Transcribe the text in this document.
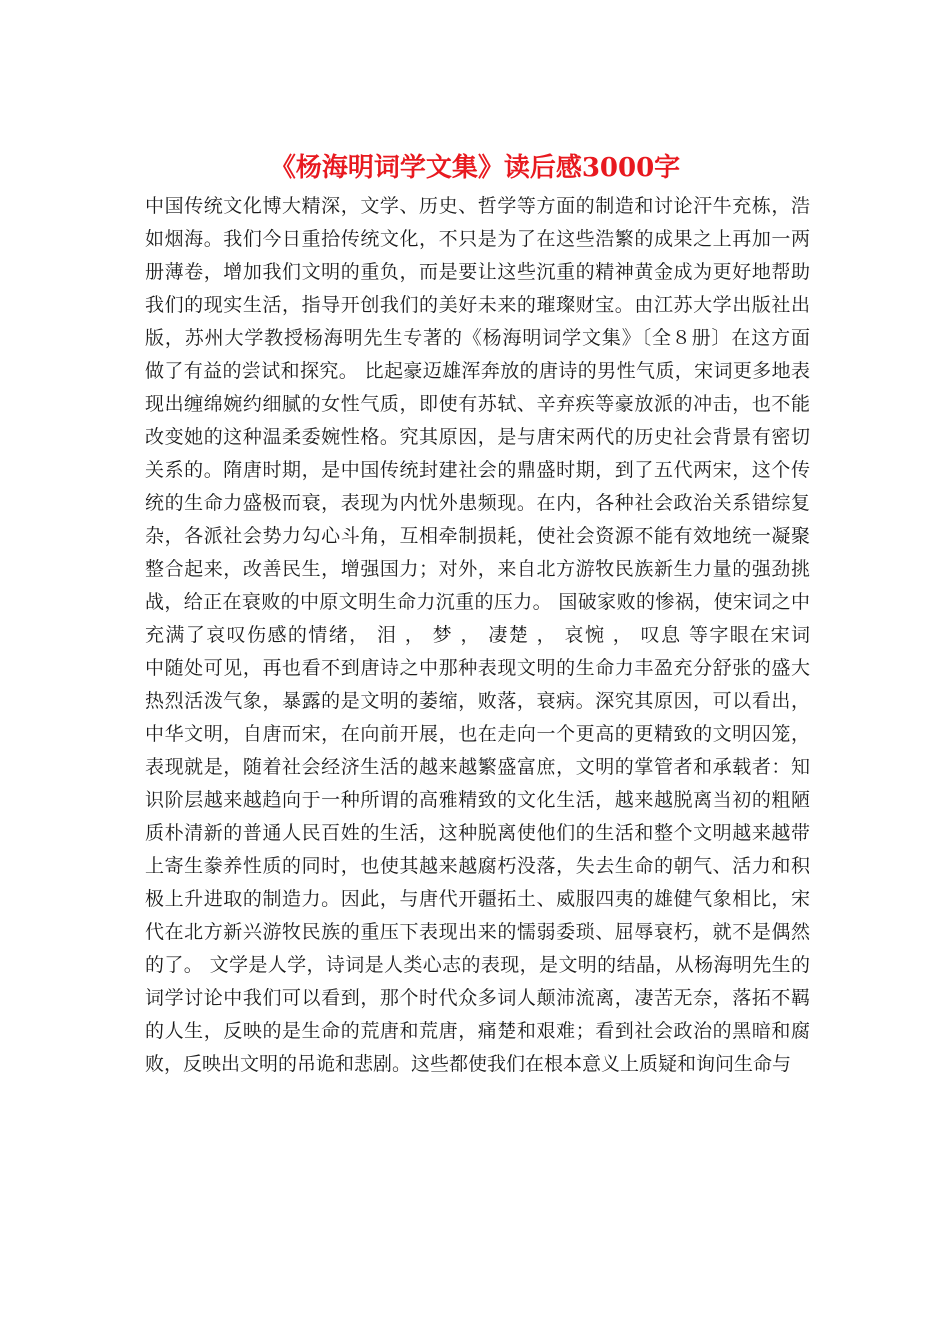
《杨海明词学文集》读后感3000字
中国传统文化博大精深，文学、历史、哲学等方面的制造和讨论汗牛充栋，浩
如烟海。我们今日重拾传统文化，不只是为了在这些浩繁的成果之上再加一两
册薄卷，增加我们文明的重负，而是要让这些沉重的精神黄金成为更好地帮助
我们的现实生活，指导开创我们的美好未来的璀璨财宝。由江苏大学出版社出
版，苏州大学教授杨海明先生专著的《杨海明词学文集》〔全８册〕在这方面
做了有益的尝试和探究。 比起豪迈雄浑奔放的唐诗的男性气质，宋词更多地表
现出缠绵婉约细腻的女性气质，即使有苏轼、辛弃疾等豪放派的冲击，也不能
改变她的这种温柔委婉性格。究其原因，是与唐宋两代的历史社会背景有密切
关系的。隋唐时期，是中国传统封建社会的鼎盛时期，到了五代两宋，这个传
统的生命力盛极而衰，表现为内忧外患频现。在内，各种社会政治关系错综复
杂，各派社会势力勾心斗角，互相牵制损耗，使社会资源不能有效地统一凝聚
整合起来，改善民生，增强国力；对外，来自北方游牧民族新生力量的强劲挑
战，给正在衰败的中原文明生命力沉重的压力。 国破家败的惨祸，使宋词之中
充满了哀叹伤感的情绪， 泪 ， 梦 ， 凄楚 ， 哀惋 ， 叹息 等字眼在宋词
中随处可见，再也看不到唐诗之中那种表现文明的生命力丰盈充分舒张的盛大
热烈活泼气象，暴露的是文明的萎缩，败落，衰病。深究其原因，可以看出，
中华文明，自唐而宋，在向前开展，也在走向一个更高的更精致的文明囚笼，
表现就是，随着社会经济生活的越来越繁盛富庶，文明的掌管者和承载者：知
识阶层越来越趋向于一种所谓的高雅精致的文化生活，越来越脱离当初的粗陋
质朴清新的普通人民百姓的生活，这种脱离使他们的生活和整个文明越来越带
上寄生豢养性质的同时，也使其越来越腐朽没落，失去生命的朝气、活力和积
极上升进取的制造力。因此，与唐代开疆拓土、威服四夷的雄健气象相比，宋
代在北方新兴游牧民族的重压下表现出来的懦弱委琐、屈辱衰朽，就不是偶然
的了。 文学是人学，诗词是人类心志的表现，是文明的结晶，从杨海明先生的
词学讨论中我们可以看到，那个时代众多词人颠沛流离，凄苦无奈，落拓不羁
的人生，反映的是生命的荒唐和荒唐，痛楚和艰难；看到社会政治的黑暗和腐
败，反映出文明的吊诡和悲剧。这些都使我们在根本意义上质疑和询问生命与
